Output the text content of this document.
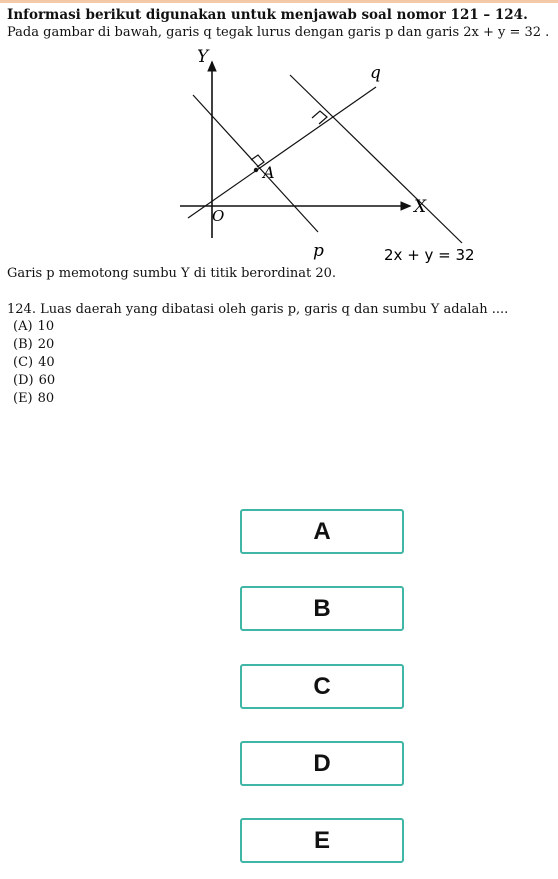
Informasi berikut digunakan untuk menjawab soal nomor 121 – 124.
Pada gambar di bawah, garis q tegak lurus dengan garis p dan garis 2x + y = 32 .
Y
X
q
p
A
O
2x + y = 32
Garis p memotong sumbu Y di titik berordinat 20.
124. Luas daerah yang dibatasi oleh garis p, garis q dan sumbu Y adalah ....
(A) 10
(B) 20
(C) 40
(D) 60
(E) 80
A
B
C
D
E
